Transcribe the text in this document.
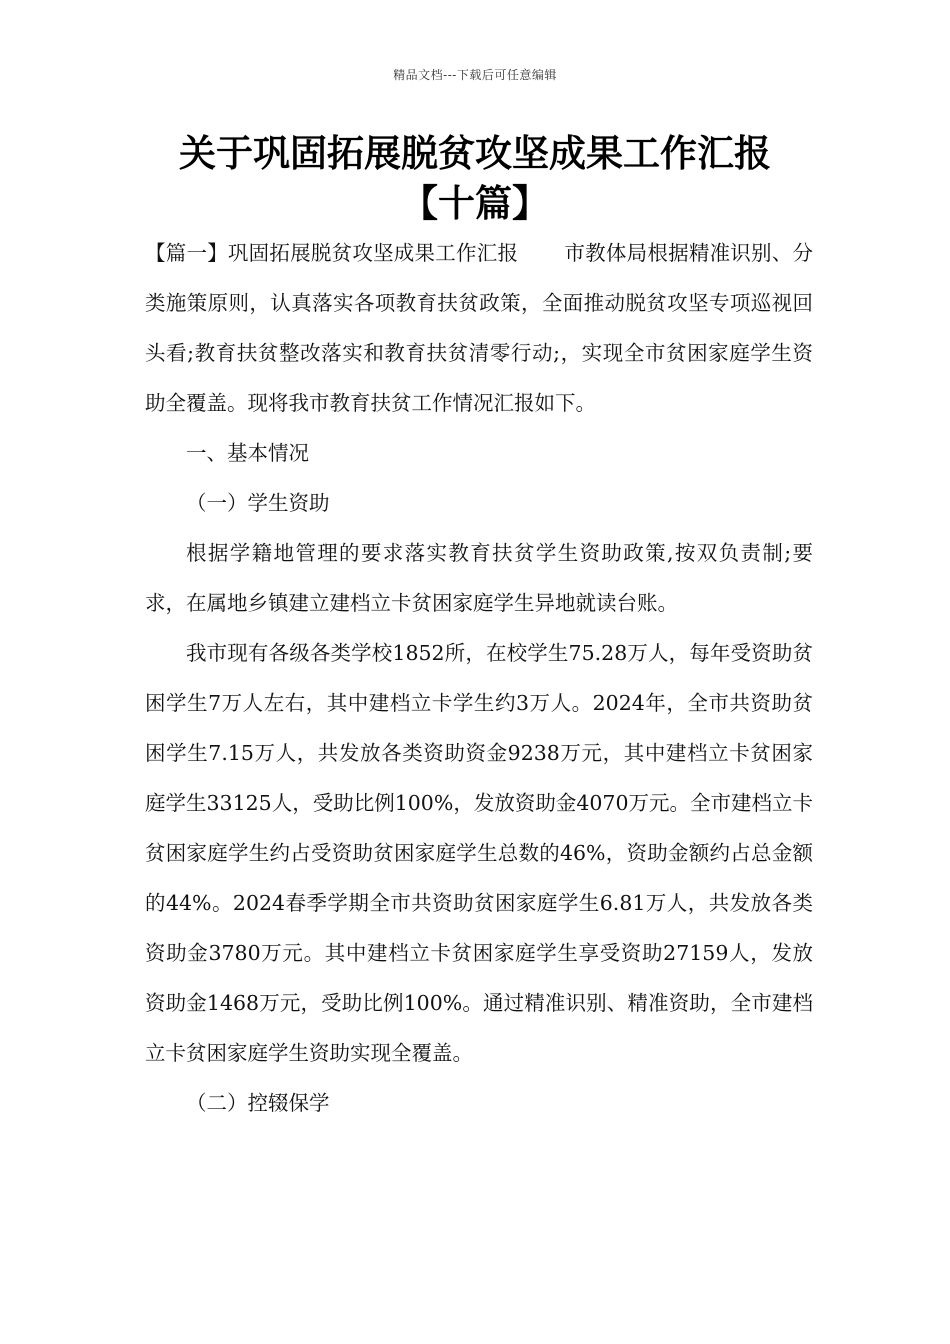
精品文档---下载后可任意编辑
关于巩固拓展脱贫攻坚成果工作汇报
【十篇】

【篇一】巩固拓展脱贫攻坚成果工作汇报 市教体局根据精准识别、分类施策原则，认真落实各项教育扶贫政策，全面推动脱贫攻坚专项巡视回头看;教育扶贫整改落实和教育扶贫清零行动;，实现全市贫困家庭学生资助全覆盖。现将我市教育扶贫工作情况汇报如下。

一、基本情况

（一）学生资助

根据学籍地管理的要求落实教育扶贫学生资助政策,按双负责制;要求，在属地乡镇建立建档立卡贫困家庭学生异地就读台账。

我市现有各级各类学校1852所，在校学生75.28万人，每年受资助贫困学生7万人左右，其中建档立卡学生约3万人。2024年，全市共资助贫困学生7.15万人，共发放各类资助资金9238万元，其中建档立卡贫困家庭学生33125人，受助比例100%，发放资助金4070万元。全市建档立卡贫困家庭学生约占受资助贫困家庭学生总数的46%，资助金额约占总金额的44%。2024春季学期全市共资助贫困家庭学生6.81万人，共发放各类资助金3780万元。其中建档立卡贫困家庭学生享受资助27159人，发放资助金1468万元，受助比例100%。通过精准识别、精准资助，全市建档立卡贫困家庭学生资助实现全覆盖。

（二）控辍保学
